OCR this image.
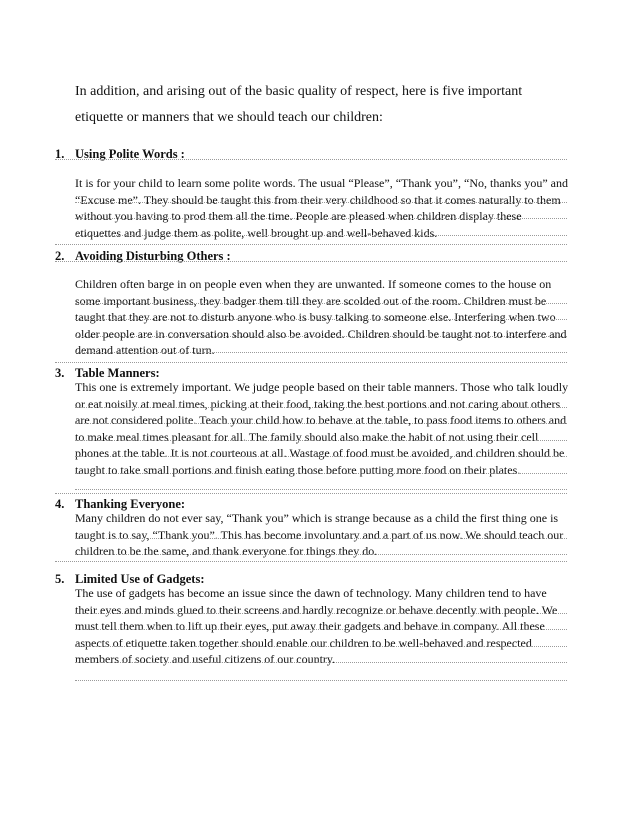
In addition, and arising out of the basic quality of respect, here is five important etiquette or manners that we should teach our children:

1. Using Polite Words :

It is for your child to learn some polite words. The usual “Please”, “Thank you”, “No, thanks you” and “Excuse me”. They should be taught this from their very childhood so that it comes naturally to them without you having to prod them all the time. People are pleased when children display these etiquettes and judge them as polite, well brought up and well-behaved kids.

2. Avoiding Disturbing Others :

Children often barge in on people even when they are unwanted. If someone comes to the house on some important business, they badger them till they are scolded out of the room. Children must be taught that they are not to disturb anyone who is busy talking to someone else. Interfering when two older people are in conversation should also be avoided. Children should be taught not to interfere and demand attention out of turn.

3. Table Manners:

This one is extremely important. We judge people based on their table manners. Those who talk loudly or eat noisily at meal times, picking at their food, taking the best portions and not caring about others are not considered polite. Teach your child how to behave at the table, to pass food items to others and to make meal times pleasant for all. The family should also make the habit of not using their cell phones at the table. It is not courteous at all. Wastage of food must be avoided, and children should be taught to take small portions and finish eating those before putting more food on their plates.

4. Thanking Everyone:

Many children do not ever say, “Thank you” which is strange because as a child the first thing one is taught is to say, “Thank you”. This has become involuntary and a part of us now. We should teach our children to be the same, and thank everyone for things they do.

5. Limited Use of Gadgets:

The use of gadgets has become an issue since the dawn of technology. Many children tend to have their eyes and minds glued to their screens and hardly recognize or behave decently with people. We must tell them when to lift up their eyes, put away their gadgets and behave in company. All these aspects of etiquette taken together should enable our children to be well-behaved and respected members of society and useful citizens of our country.
